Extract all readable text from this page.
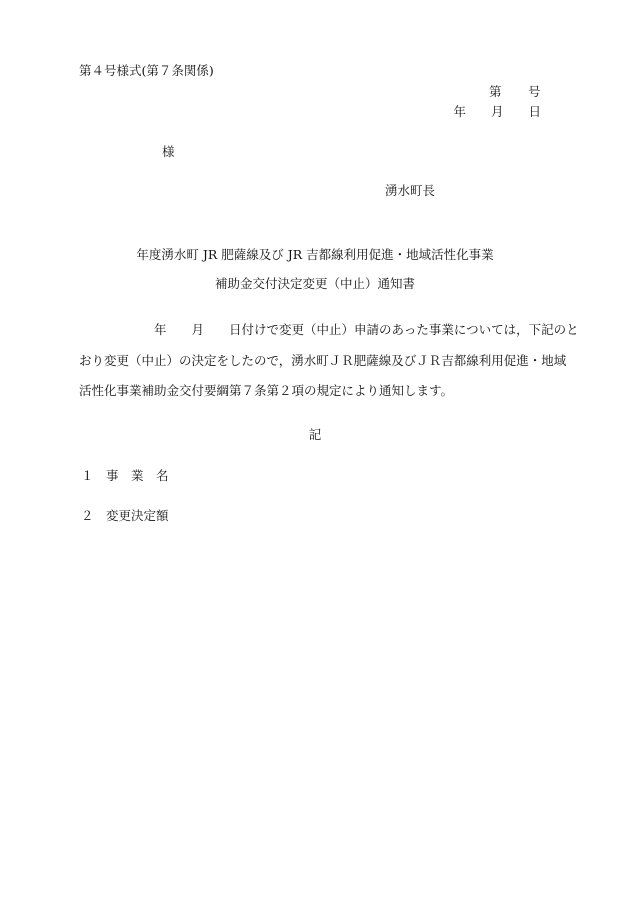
第４号様式(第７条関係)
第　　号
年　　月　　日
様
湧水町長
年度湧水町 JR 肥薩線及び JR 吉都線利用促進・地域活性化事業
補助金交付決定変更（中止）通知書
　　　　　　年　　月　　日付けで変更（中止）申請のあった事業については，下記のと
おり変更（中止）の決定をしたので，湧水町ＪＲ肥薩線及びＪＲ吉都線利用促進・地域
活性化事業補助金交付要綱第７条第２項の規定により通知します。
記
１　事　業　名
２　変更決定額
